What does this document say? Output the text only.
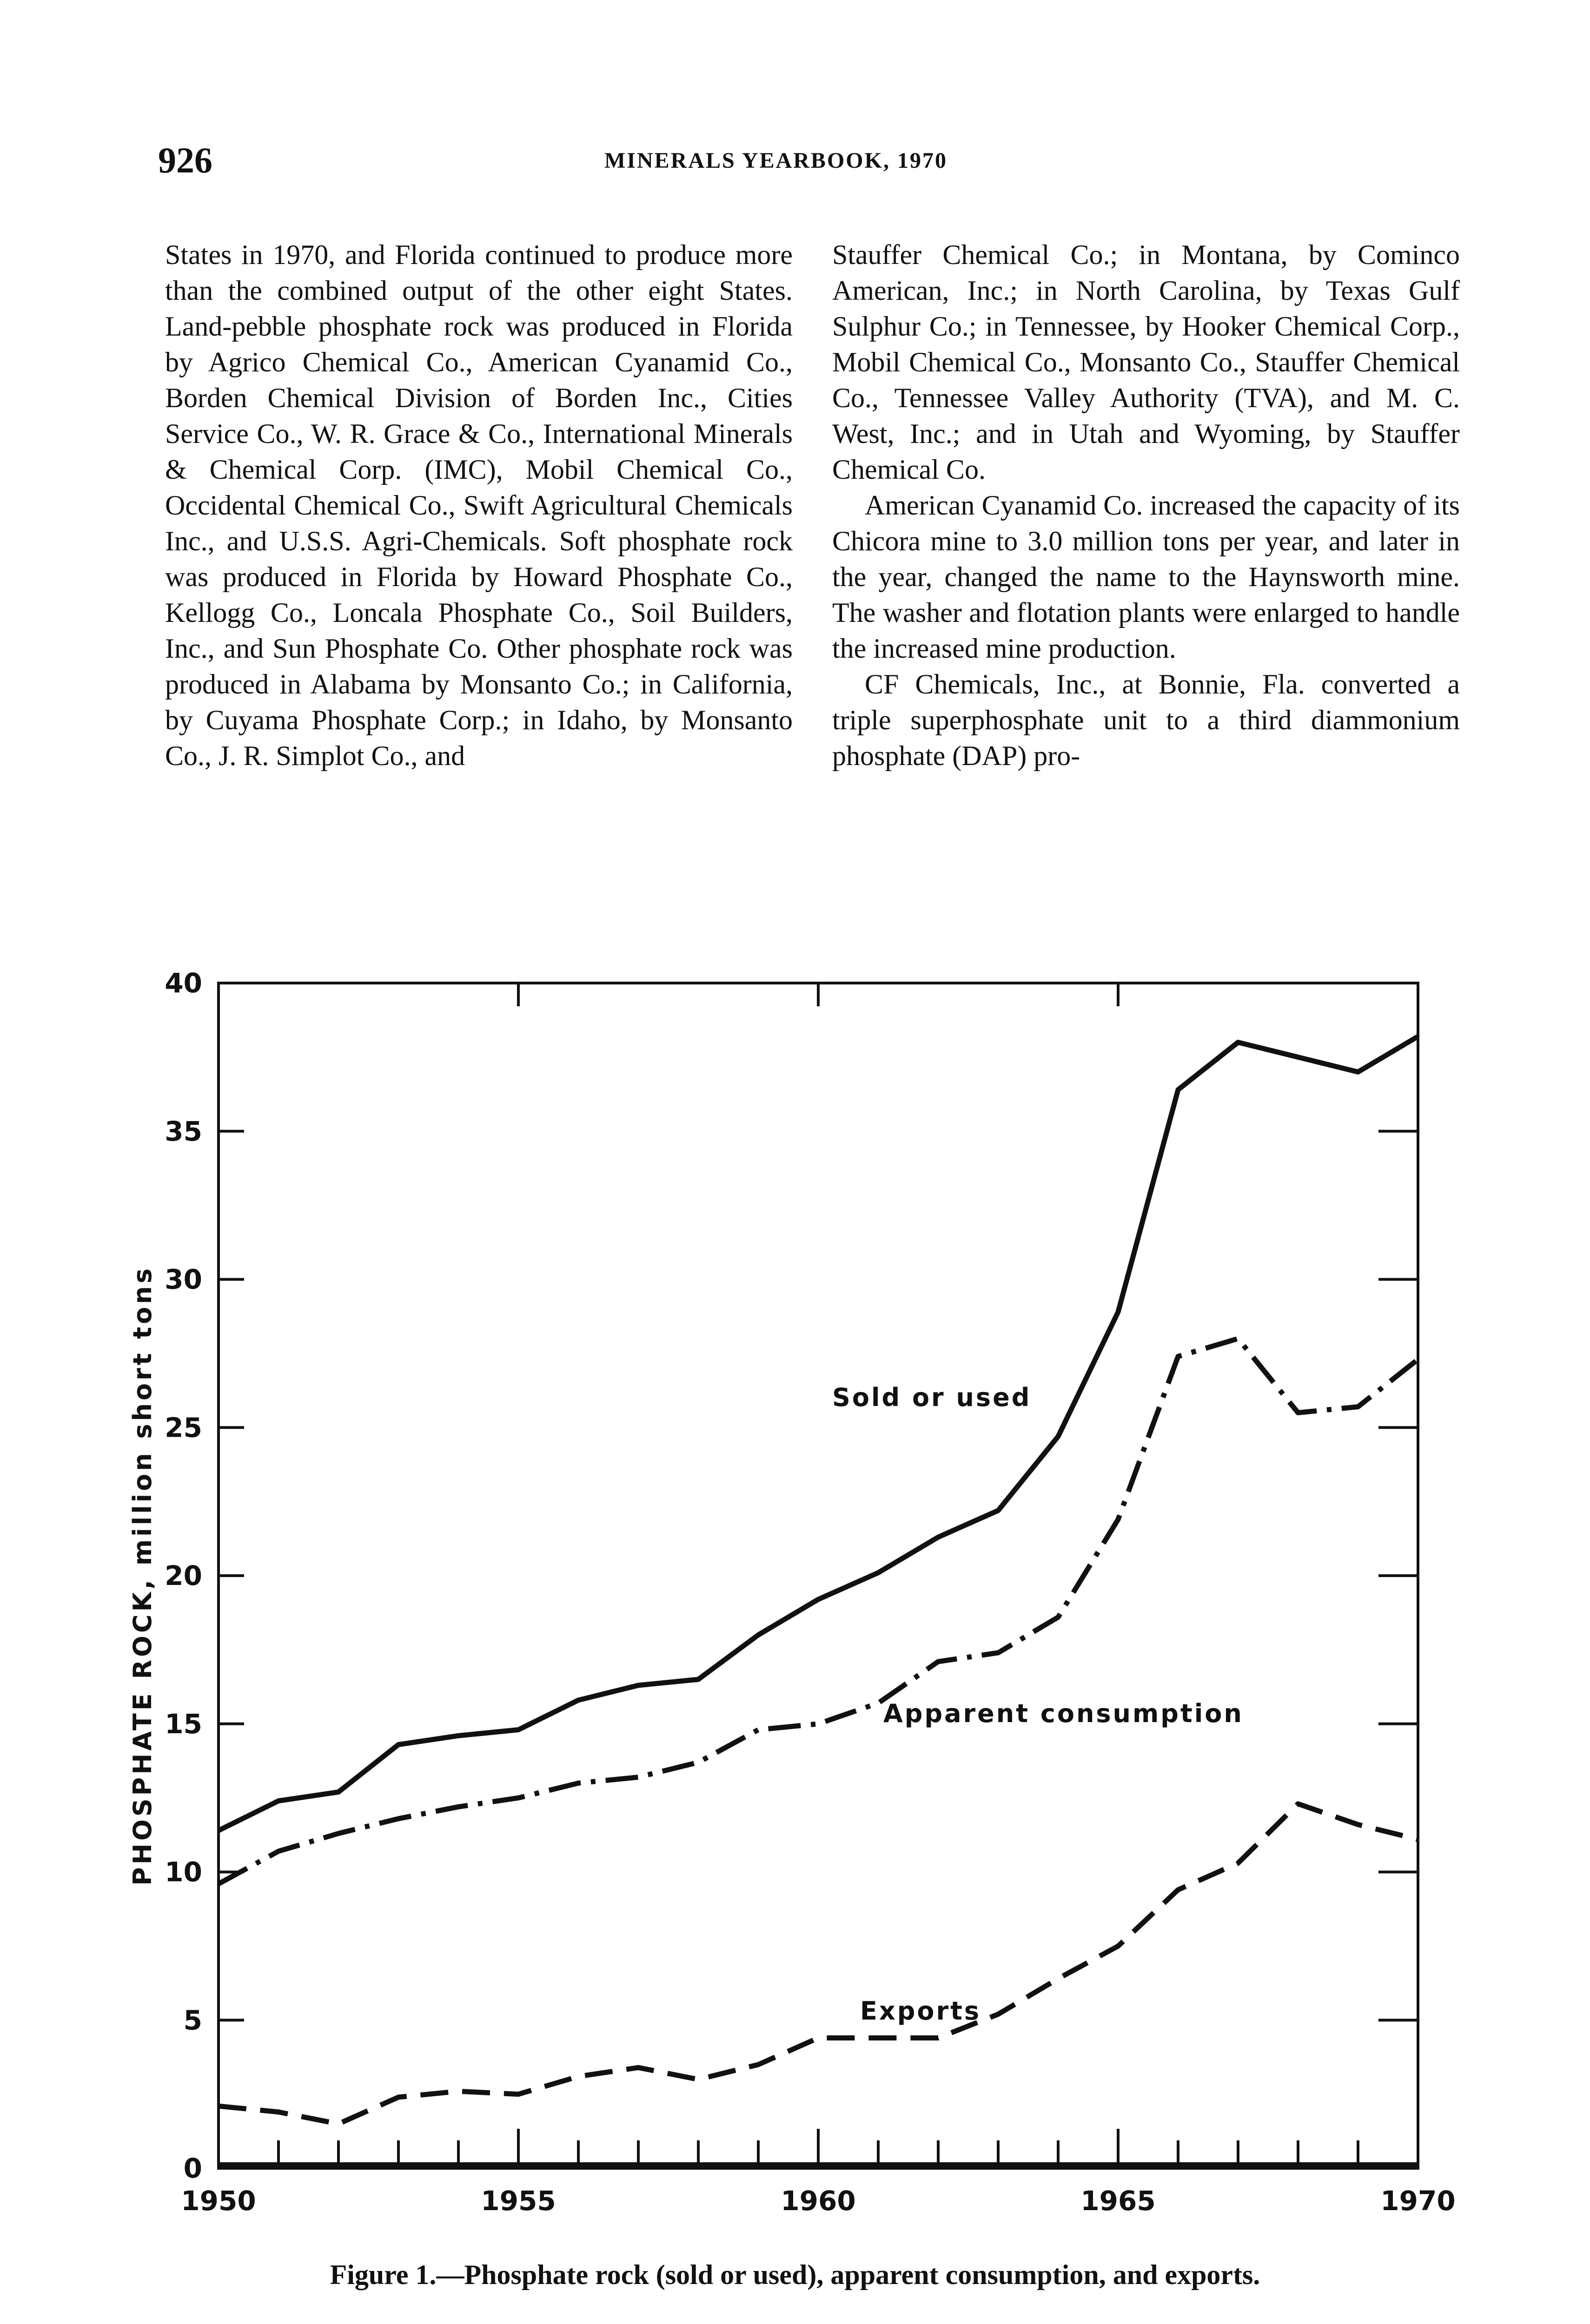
926	MINERALS YEARBOOK, 1970

States in 1970, and Florida continued to produce more than the combined output of the other eight States. Land-pebble phosphate rock was produced in Florida by Agrico Chemical Co., American Cyanamid Co., Borden Chemical Division of Borden Inc., Cities Service Co., W. R. Grace & Co., International Minerals & Chemical Corp. (IMC), Mobil Chemical Co., Occidental Chemical Co., Swift Agricultural Chemicals Inc., and U.S.S. Agri-Chemicals. Soft phosphate rock was produced in Florida by Howard Phosphate Co., Kellogg Co., Loncala Phosphate Co., Soil Builders, Inc., and Sun Phosphate Co. Other phosphate rock was produced in Alabama by Monsanto Co.; in California, by Cuyama Phosphate Corp.; in Idaho, by Monsanto Co., J. R. Simplot Co., and

Stauffer Chemical Co.; in Montana, by Cominco American, Inc.; in North Carolina, by Texas Gulf Sulphur Co.; in Tennessee, by Hooker Chemical Corp., Mobil Chemical Co., Monsanto Co., Stauffer Chemical Co., Tennessee Valley Authority (TVA), and M. C. West, Inc.; and in Utah and Wyoming, by Stauffer Chemical Co.

American Cyanamid Co. increased the capacity of its Chicora mine to 3.0 million tons per year, and later in the year, changed the name to the Haynsworth mine. The washer and flotation plants were enlarged to handle the increased mine production.

CF Chemicals, Inc., at Bonnie, Fla. converted a triple superphosphate unit to a third diammonium phosphate (DAP) pro-

0
5
10
15
20
25
30
35
40
1950	1955	1960	1965	1970
PHOSPHATE ROCK, million short tons	Sold or used
Apparent consumption
Exports
Figure 1.—Phosphate rock (sold or used), apparent consumption, and exports.
